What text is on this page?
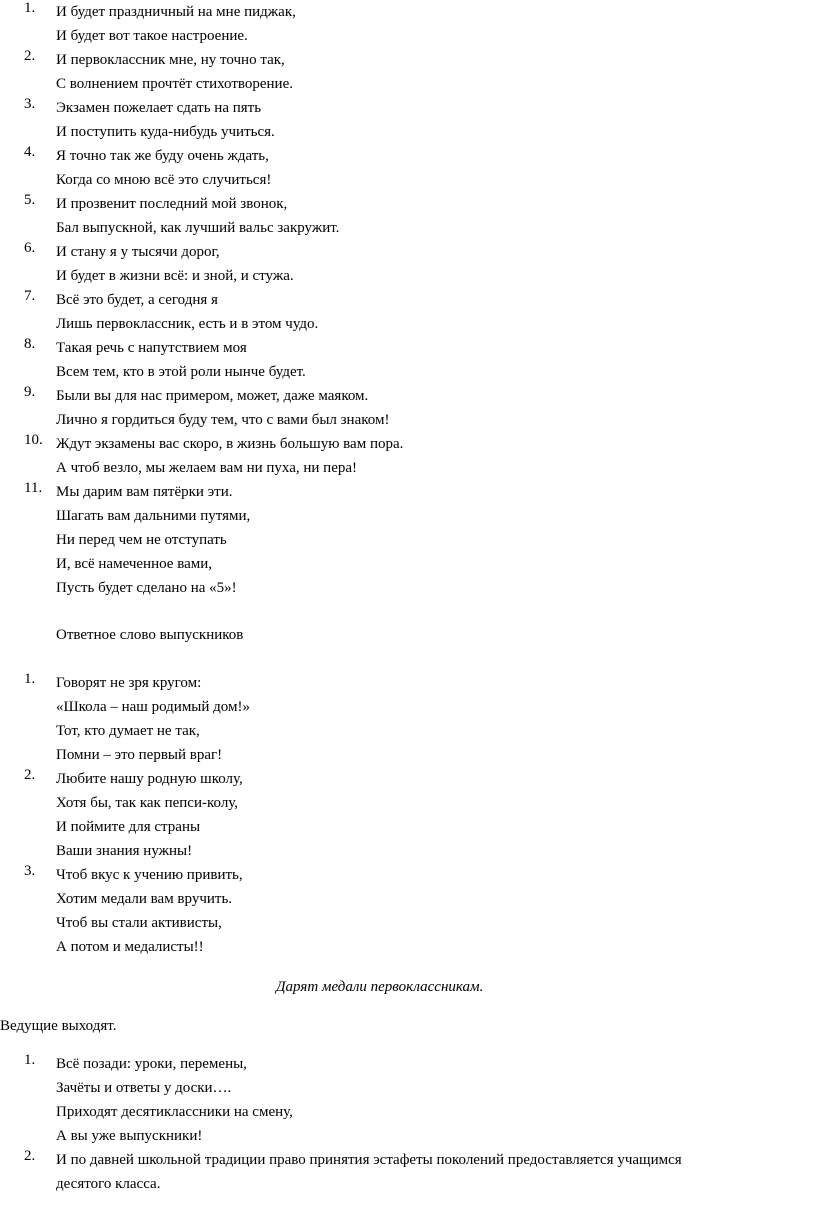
1. И будет праздничный на мне пиджак,
И будет вот такое настроение.
2. И первоклассник мне, ну точно так,
С волнением прочтёт стихотворение.
3. Экзамен пожелает сдать на пять
И поступить куда-нибудь учиться.
4. Я точно так же буду очень ждать,
Когда со мною всё это случиться!
5. И прозвенит последний мой звонок,
Бал выпускной, как лучший вальс закружит.
6. И стану я у тысячи дорог,
И будет в жизни всё: и зной, и стужа.
7. Всё это будет, а сегодня я
Лишь первоклассник, есть и в этом чудо.
8. Такая речь с напутствием моя
Всем тем, кто в этой роли нынче будет.
9. Были вы для нас примером, может, даже маяком.
Лично я гордиться буду тем, что с вами был знаком!
10. Ждут экзамены вас скоро, в жизнь большую вам пора.
А чтоб везло, мы желаем вам ни пуха, ни пера!
11. Мы дарим вам пятёрки эти.
Шагать вам дальними путями,
Ни перед чем не отступать
И, всё намеченное вами,
Пусть будет сделано на «5»!
Ответное слово выпускников
1. Говорят не зря кругом:
«Школа – наш родимый дом!»
Тот, кто думает не так,
Помни – это первый враг!
2. Любите нашу родную школу,
Хотя бы, так как пепси-колу,
И поймите для страны
Ваши знания нужны!
3. Чтоб вкус к учению привить,
Хотим медали вам вручить.
Чтоб вы стали активисты,
А потом и медалисты!!
Дарят медали первоклассникам.
Ведущие выходят.
1. Всё позади: уроки, перемены,
Зачёты и ответы у доски….
Приходят десятиклассники на смену,
А вы уже выпускники!
2. И по давней школьной традиции право принятия эстафеты поколений предоставляется учащимся
десятого класса.
